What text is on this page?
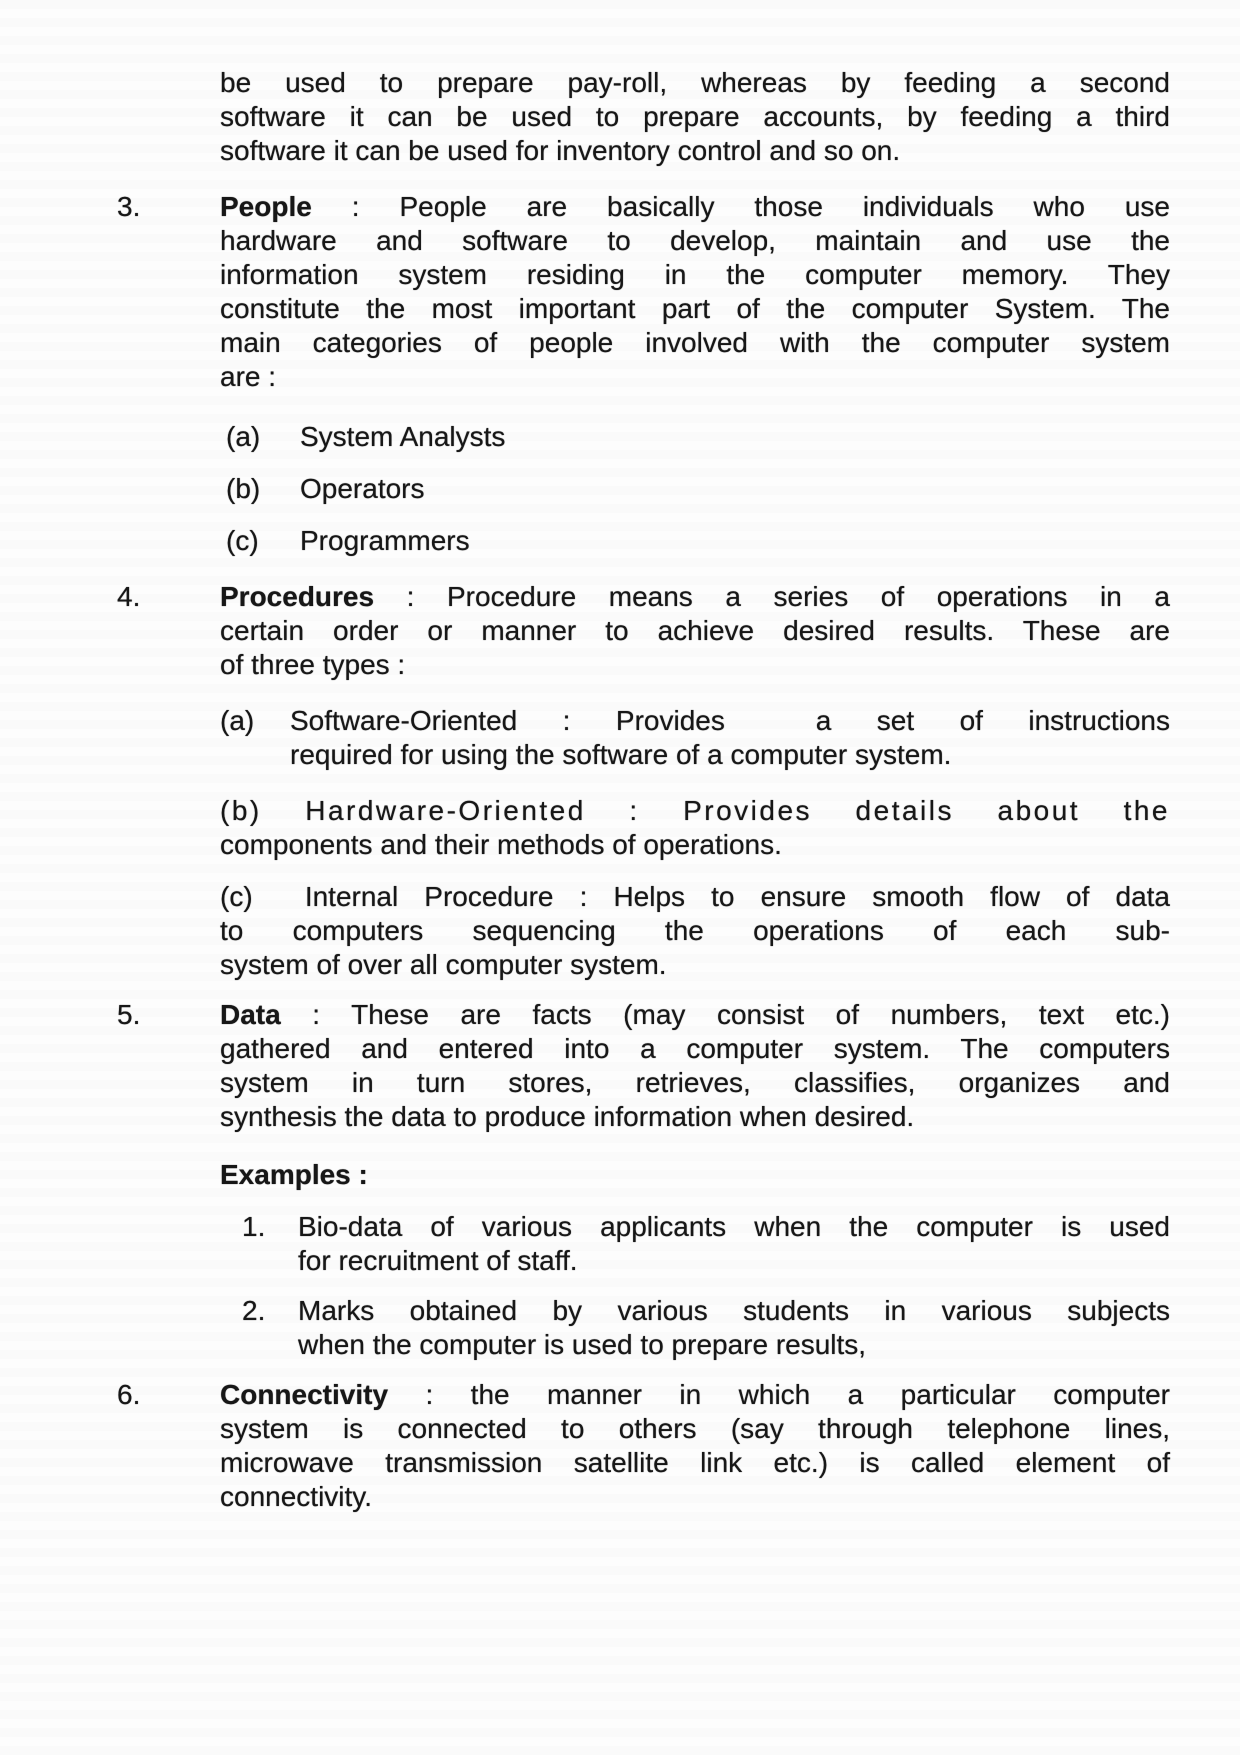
be used to prepare pay-roll, whereas by feeding a second
software it can be used to prepare accounts, by feeding a third
software it can be used for inventory control and so on.
3.	People : People are basically those individuals who use
hardware and software to develop, maintain and use the
information system residing in the computer memory. They
constitute the most important part of the computer System. The
main categories of people involved with the computer system
are :
(a)	System Analysts
(b)	Operators
(c)	Programmers
4.	Procedures : Procedure means a series of operations in a
certain order or manner to achieve desired results. These are
of three types :
(a) Software-Oriented : Provides  a set of instructions
required for using the software of a computer system.
(b) Hardware-Oriented : Provides details about the
components and their methods of operations.
(c)  Internal Procedure : Helps to ensure smooth flow of data
to computers sequencing the operations of each sub-
system of over all computer system.
5.	Data : These are facts (may consist of numbers, text etc.)
gathered and entered into a computer system. The computers
system in turn stores, retrieves, classifies, organizes and
synthesis the data to produce information when desired.
Examples :
1.	Bio-data of various applicants when the computer is used
for recruitment of staff.
2.	Marks obtained by various students in various subjects
when the computer is used to prepare results,
6.	Connectivity : the manner in which a particular computer
system is connected to others (say through telephone lines,
microwave transmission satellite link etc.) is called element of
connectivity.
